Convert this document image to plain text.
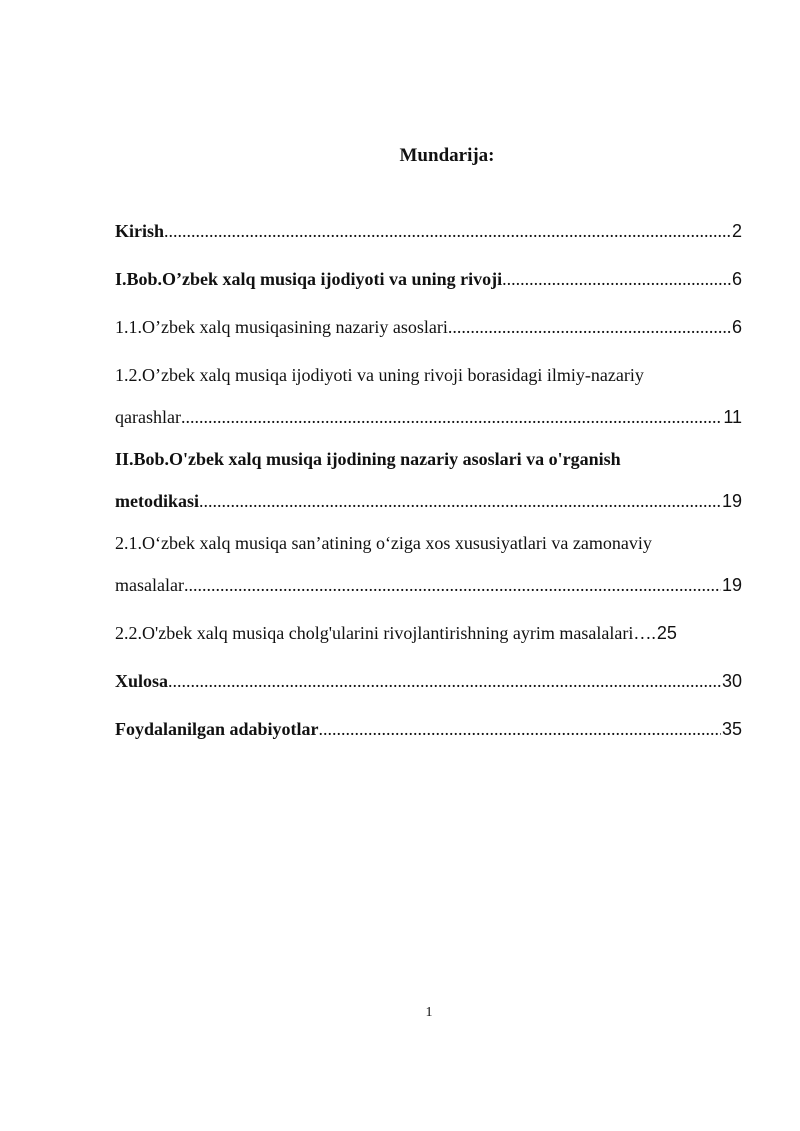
Mundarija:
Kirish .....	2
I.Bob.O’zbek xalq musiqa ijodiyoti va uning rivoji .....	6
1.1.O’zbek xalq musiqasining nazariy asoslari .....	6
1.2.O’zbek xalq musiqa ijodiyoti va uning rivoji borasidagi ilmiy-nazariy
qarashlar .....	11
II.Bob.O'zbek xalq musiqa ijodining nazariy asoslari va o'rganish
metodikasi .....	19
2.1.O‘zbek xalq musiqa san’atining o‘ziga xos xususiyatlari va zamonaviy
masalalar .....	19
2.2.O'zbek xalq musiqa cholg'ularini rivojlantirishning ayrim masalalari …. 25
Xulosa .....	30
Foydalanilgan adabiyotlar .....	35
1
